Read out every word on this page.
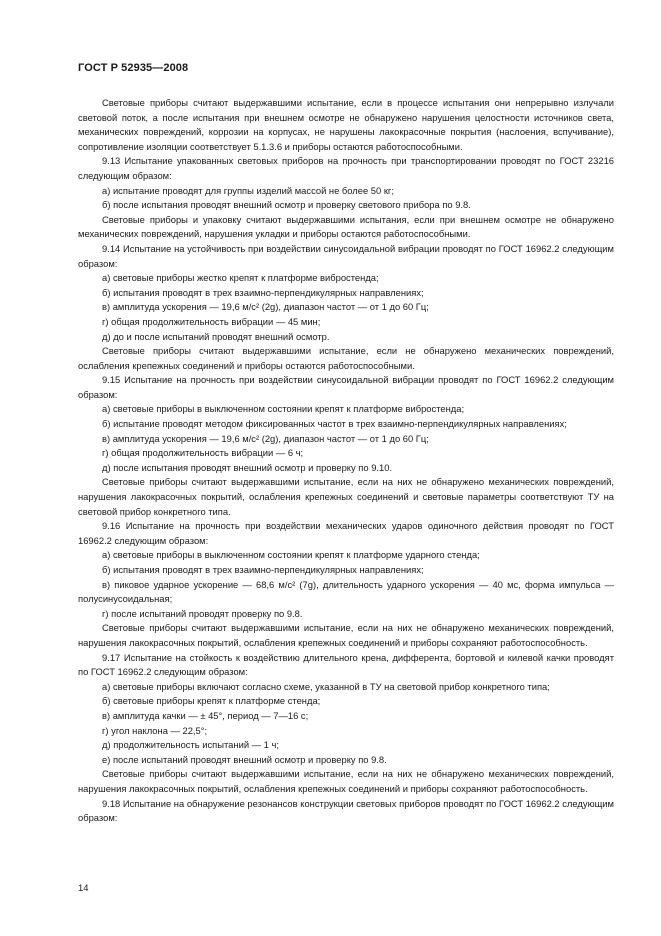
ГОСТ Р 52935—2008

Световые приборы считают выдержавшими испытание, если в процессе испытания они непрерывно излучали световой поток, а после испытания при внешнем осмотре не обнаружено нарушения целостности источников света, механических повреждений, коррозии на корпусах, не нарушены лакокрасочные покрытия (наслоения, вспучивание), сопротивление изоляции соответствует 5.1.3.6 и приборы остаются работоспособными.

9.13 Испытание упакованных световых приборов на прочность при транспортировании проводят по ГОСТ 23216 следующим образом:

а) испытание проводят для группы изделий массой не более 50 кг;

б) после испытания проводят внешний осмотр и проверку светового прибора по 9.8.

Световые приборы и упаковку считают выдержавшими испытания, если при внешнем осмотре не обнаружено механических повреждений, нарушения укладки и приборы остаются работоспособными.

9.14 Испытание на устойчивость при воздействии синусоидальной вибрации проводят по ГОСТ 16962.2 следующим образом:

а) световые приборы жестко крепят к платформе вибростенда;

б) испытания проводят в трех взаимно-перпендикулярных направлениях;

в) амплитуда ускорения — 19,6 м/с² (2g), диапазон частот — от 1 до 60 Гц;

г) общая продолжительность вибрации — 45 мин;

д) до и после испытаний проводят внешний осмотр.

Световые приборы считают выдержавшими испытание, если не обнаружено механических повреждений, ослабления крепежных соединений и приборы остаются работоспособными.

9.15 Испытание на прочность при воздействии синусоидальной вибрации проводят по ГОСТ 16962.2 следующим образом:

а) световые приборы в выключенном состоянии крепят к платформе вибростенда;

б) испытание проводят методом фиксированных частот в трех взаимно-перпендикулярных направлениях;

в) амплитуда ускорения — 19,6 м/с² (2g), диапазон частот — от 1 до 60 Гц;

г) общая продолжительность вибрации — 6 ч;

д) после испытания проводят внешний осмотр и проверку по 9.10.

Световые приборы считают выдержавшими испытание, если на них не обнаружено механических повреждений, нарушения лакокрасочных покрытий, ослабления крепежных соединений и световые параметры соответствуют ТУ на световой прибор конкретного типа.

9.16 Испытание на прочность при воздействии механических ударов одиночного действия проводят по ГОСТ 16962.2 следующим образом:

а) световые приборы в выключенном состоянии крепят к платформе ударного стенда;

б) испытания проводят в трех взаимно-перпендикулярных направлениях;

в) пиковое ударное ускорение — 68,6 м/с² (7g), длительность ударного ускорения — 40 мс, форма импульса — полусинусоидальная;

г) после испытаний проводят проверку по 9.8.

Световые приборы считают выдержавшими испытание, если на них не обнаружено механических повреждений, нарушения лакокрасочных покрытий, ослабления крепежных соединений и приборы сохраняют работоспособность.

9.17 Испытание на стойкость к воздействию длительного крена, дифферента, бортовой и килевой качки проводят по ГОСТ 16962.2 следующим образом:

а) световые приборы включают согласно схеме, указанной в ТУ на световой прибор конкретного типа;

б) световые приборы крепят к платформе стенда;

в) амплитуда качки — ± 45°, период — 7—16 с;

г) угол наклона — 22,5°;

д) продолжительность испытаний — 1 ч;

е) после испытаний проводят внешний осмотр и проверку по 9.8.

Световые приборы считают выдержавшими испытание, если на них не обнаружено механических повреждений, нарушения лакокрасочных покрытий, ослабления крепежных соединений и приборы сохраняют работоспособность.

9.18 Испытание на обнаружение резонансов конструкции световых приборов проводят по ГОСТ 16962.2 следующим образом:

14
